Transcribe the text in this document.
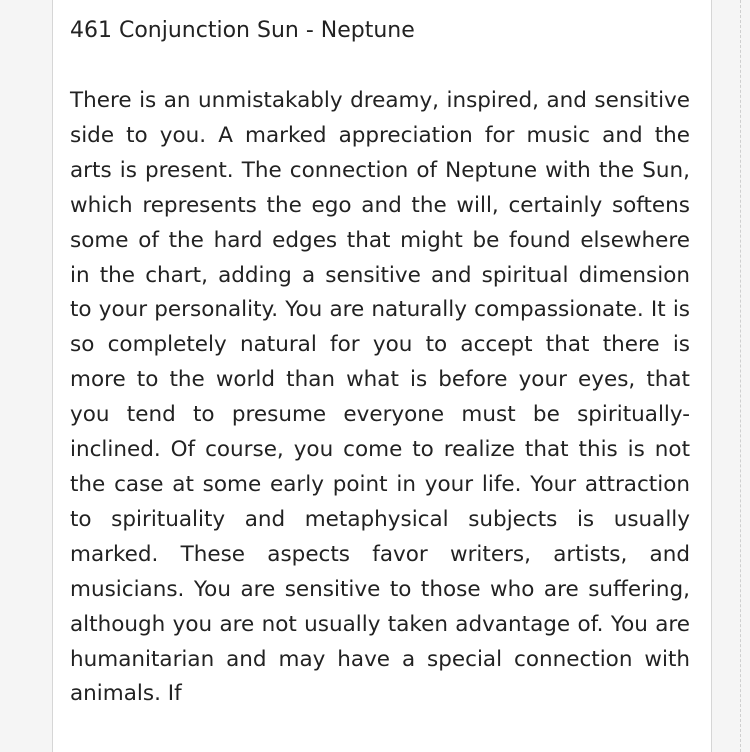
461 Conjunction Sun - Neptune

There is an unmistakably dreamy, inspired, and sensitive side to you. A marked appreciation for music and the arts is present. The connection of Neptune with the Sun, which represents the ego and the will, certainly softens some of the hard edges that might be found elsewhere in the chart, adding a sensitive and spiritual dimension to your personality. You are naturally compassionate. It is so completely natural for you to accept that there is more to the world than what is before your eyes, that you tend to presume everyone must be spiritually-inclined. Of course, you come to realize that this is not the case at some early point in your life. Your attraction to spirituality and metaphysical subjects is usually marked. These aspects favor writers, artists, and musicians. You are sensitive to those who are suffering, although you are not usually taken advantage of. You are humanitarian and may have a special connection with animals. If
